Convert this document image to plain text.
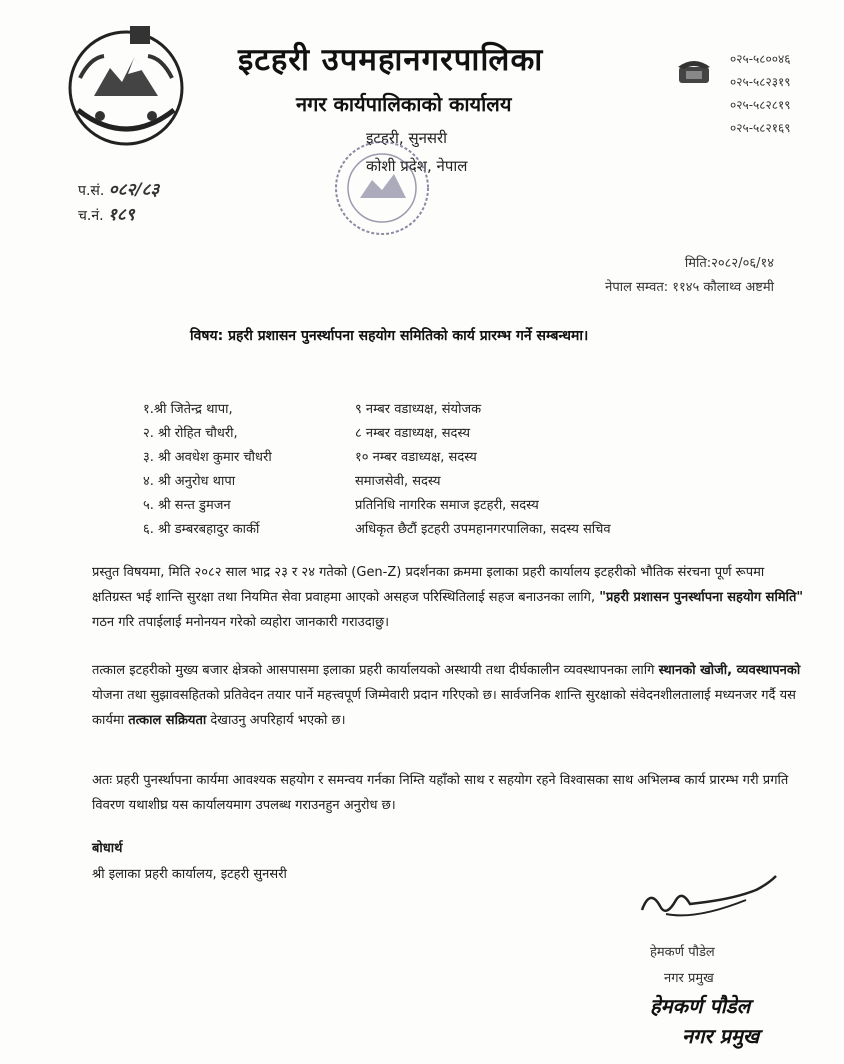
इटहरी उपमहानगरपालिका
नगर कार्यपालिकाको कार्यालय
इटहरी, सुनसरी
कोशी प्रदेश, नेपाल
०२५-५८००४६
०२५-५८२३१९
०२५-५८२८१९
०२५-५८२१६९
प.सं. ०८२/८३
च.नं. १८९
मिति:२०८२/०६/१४
नेपाल सम्वत: ११४५ कौलाथ्व अष्टमी
विषय: प्रहरी प्रशासन पुनर्स्थापना सहयोग समितिको कार्य प्रारम्भ गर्ने सम्बन्धमा।
१.श्री जितेन्द्र थापा,	९ नम्बर वडाध्यक्ष, संयोजक
२. श्री रोहित चौधरी,	८ नम्बर वडाध्यक्ष, सदस्य
३. श्री अवधेश कुमार चौधरी	१० नम्बर वडाध्यक्ष, सदस्य
४. श्री अनुरोध थापा	समाजसेवी, सदस्य
५. श्री सन्त डुमजन	प्रतिनिधि नागरिक समाज इटहरी, सदस्य
६. श्री डम्बरबहादुर कार्की	अधिकृत छैटौं इटहरी उपमहानगरपालिका, सदस्य सचिव
प्रस्तुत विषयमा, मिति २०८२ साल भाद्र २३ र २४ गतेको (Gen-Z) प्रदर्शनका क्रममा इलाका प्रहरी कार्यालय इटहरीको भौतिक संरचना पूर्ण रूपमा क्षतिग्रस्त भई शान्ति सुरक्षा तथा नियमित सेवा प्रवाहमा आएको असहज परिस्थितिलाई सहज बनाउनका लागि, "प्रहरी प्रशासन पुनर्स्थापना सहयोग समिति" गठन गरि तपाईलाई मनोनयन गरेको व्यहोरा जानकारी गराउदाछु।
तत्काल इटहरीको मुख्य बजार क्षेत्रको आसपासमा इलाका प्रहरी कार्यालयको अस्थायी तथा दीर्घकालीन व्यवस्थापनका लागि स्थानको खोजी, व्यवस्थापनको योजना तथा सुझावसहितको प्रतिवेदन तयार पार्ने महत्त्वपूर्ण जिम्मेवारी प्रदान गरिएको छ। सार्वजनिक शान्ति सुरक्षाको संवेदनशीलतालाई मध्यनजर गर्दै यस कार्यमा तत्काल सक्रियता देखाउनु अपरिहार्य भएको छ।
अतः प्रहरी पुनर्स्थापना कार्यमा आवश्यक सहयोग र समन्वय गर्नका निम्ति यहाँको साथ र सहयोग रहने विश्वासका साथ अभिलम्ब कार्य प्रारम्भ गरी प्रगति विवरण यथाशीघ्र यस कार्यालयमाग उपलब्ध गराउनहुन अनुरोध छ।
बोधार्थ
श्री इलाका प्रहरी कार्यालय, इटहरी सुनसरी
हेमकर्ण पौडेल
नगर प्रमुख
हेमकर्ण पौडेल
नगर प्रमुख
